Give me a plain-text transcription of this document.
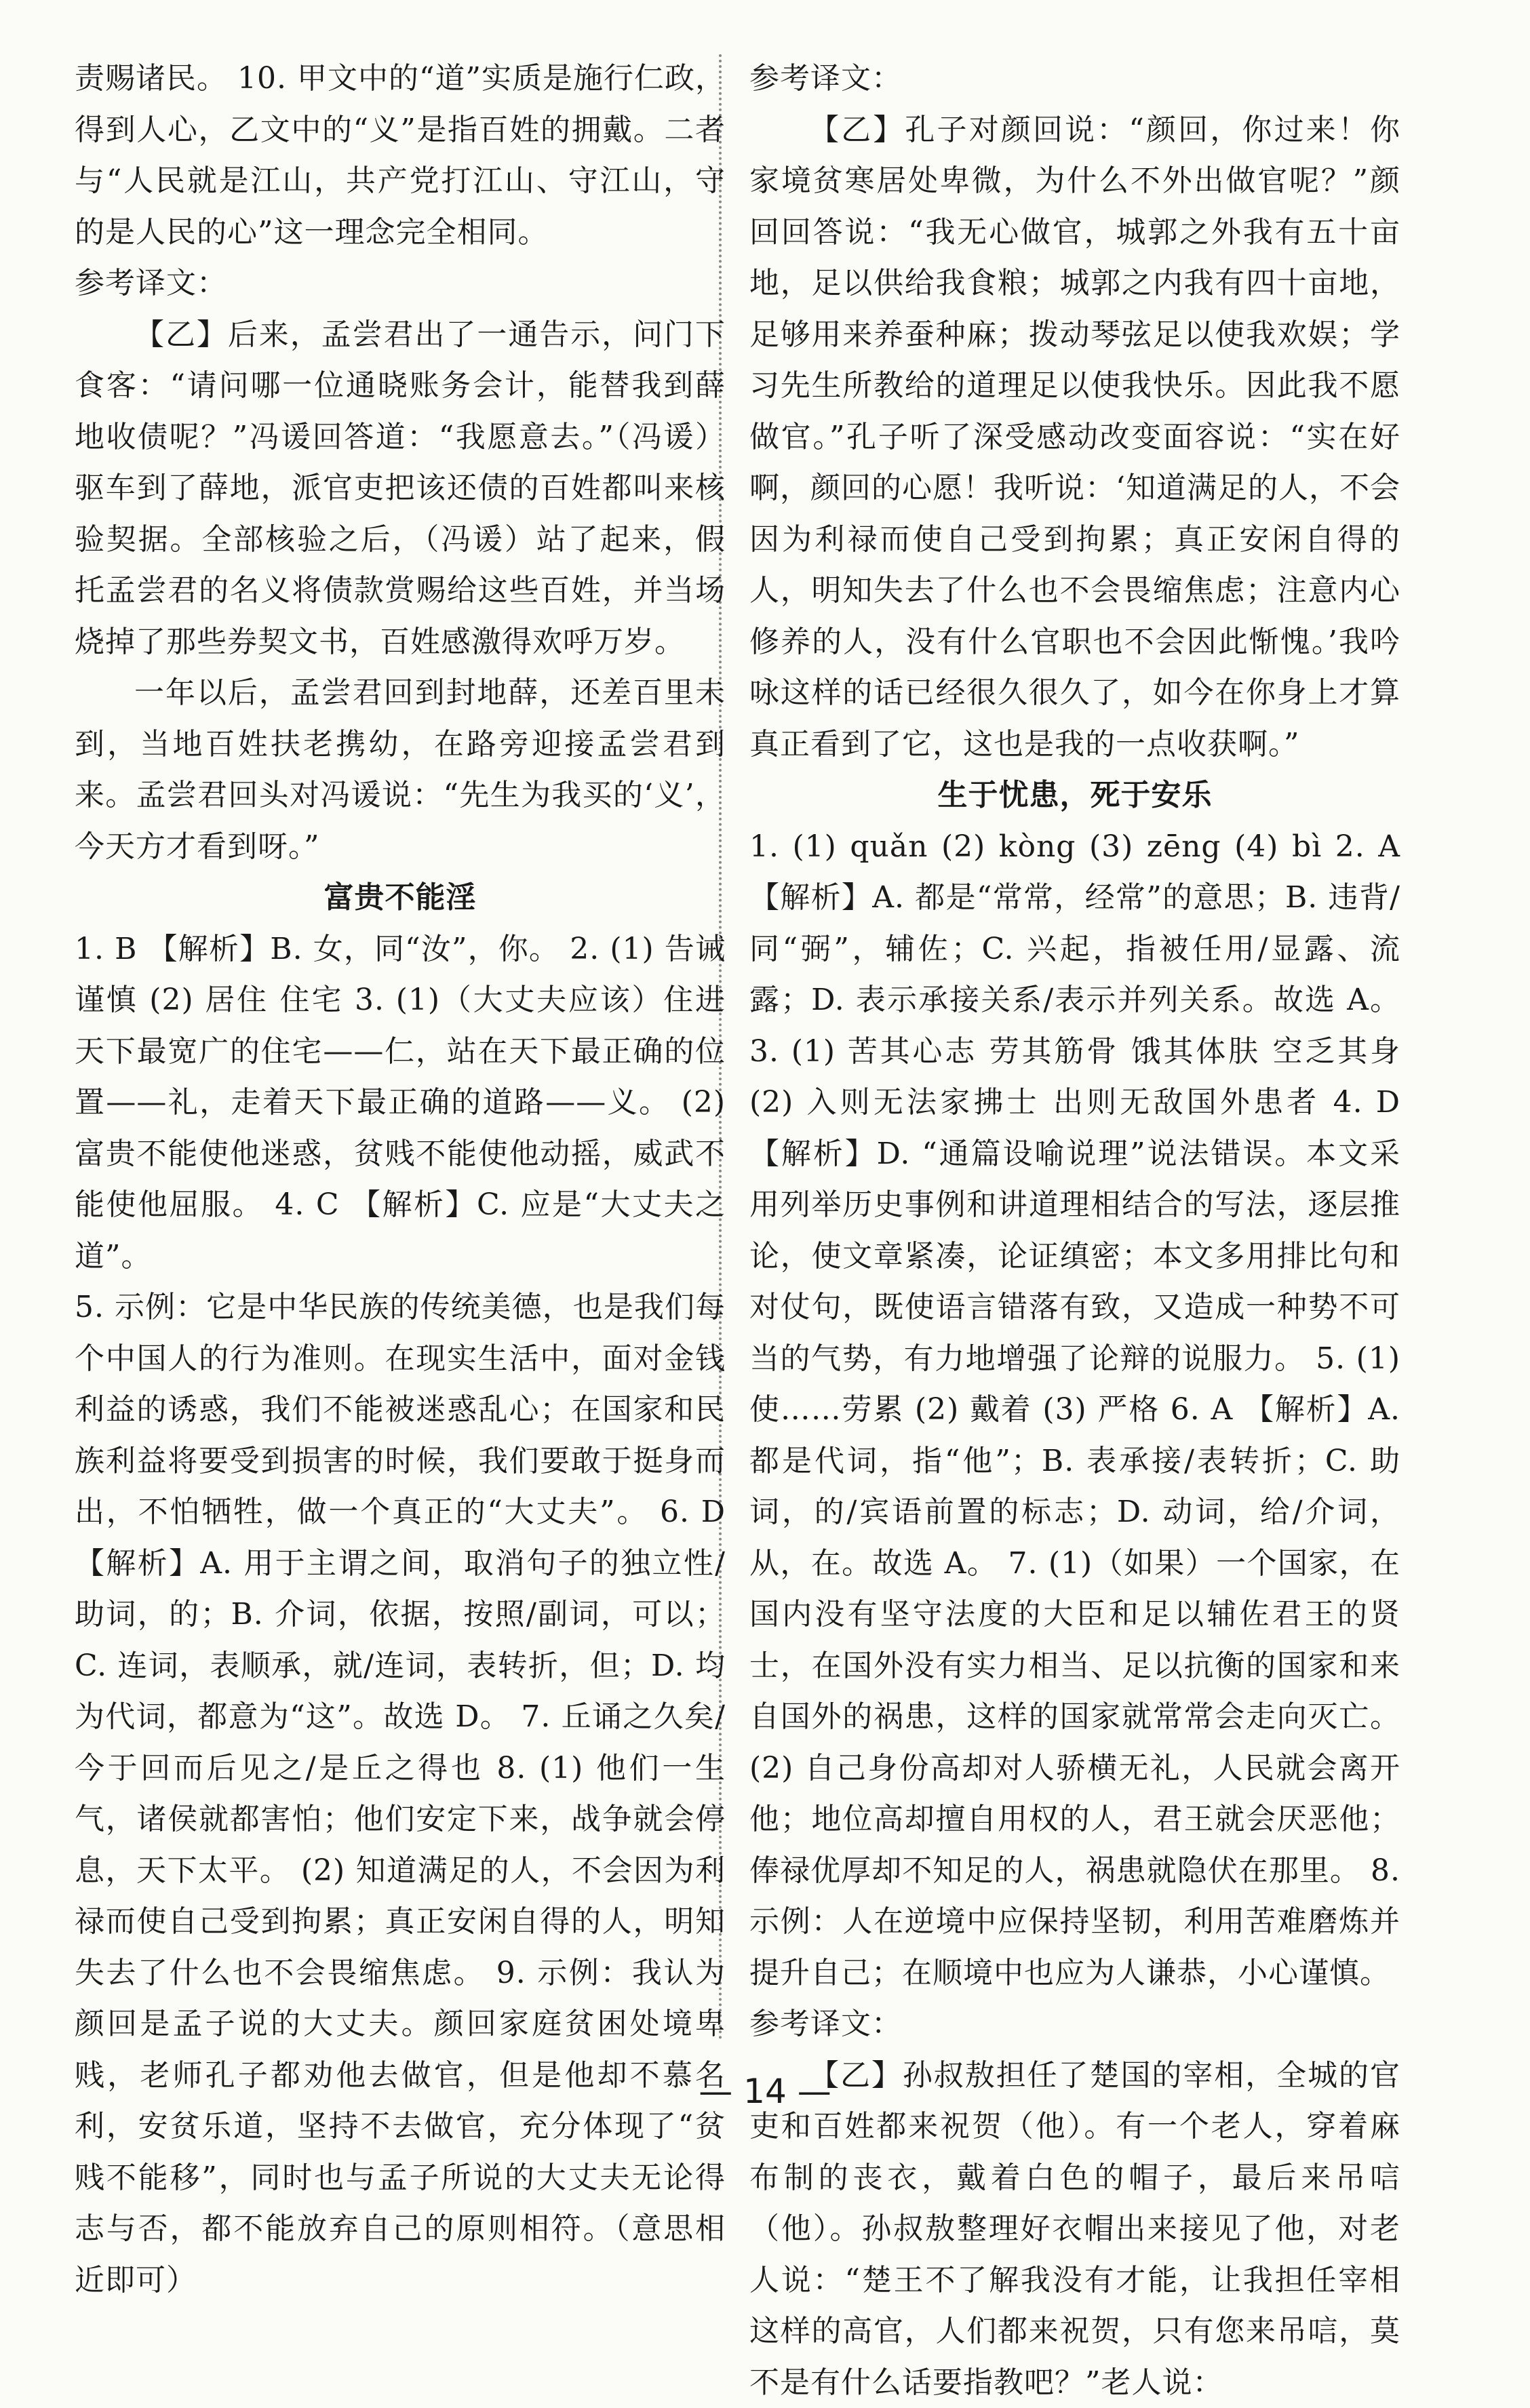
责赐诸民。 10. 甲文中的“道”实质是施行仁政，得到人心，乙文中的“义”是指百姓的拥戴。二者与“人民就是江山，共产党打江山、守江山，守的是人民的心”这一理念完全相同。

参考译文：

【乙】后来，孟尝君出了一通告示，问门下食客：“请问哪一位通晓账务会计，能替我到薛地收债呢？”冯谖回答道：“我愿意去。”（冯谖）驱车到了薛地，派官吏把该还债的百姓都叫来核验契据。全部核验之后，（冯谖）站了起来，假托孟尝君的名义将债款赏赐给这些百姓，并当场烧掉了那些券契文书，百姓感激得欢呼万岁。

一年以后，孟尝君回到封地薛，还差百里未到，当地百姓扶老携幼，在路旁迎接孟尝君到来。孟尝君回头对冯谖说：“先生为我买的‘义’，今天方才看到呀。”

富贵不能淫

1. B 【解析】B. 女，同“汝”，你。 2. (1) 告诫 谨慎 (2) 居住 住宅 3. (1)（大丈夫应该）住进天下最宽广的住宅——仁，站在天下最正确的位置——礼，走着天下最正确的道路——义。 (2) 富贵不能使他迷惑，贫贱不能使他动摇，威武不能使他屈服。 4. C 【解析】C. 应是“大丈夫之道”。

5. 示例：它是中华民族的传统美德，也是我们每个中国人的行为准则。在现实生活中，面对金钱利益的诱惑，我们不能被迷惑乱心；在国家和民族利益将要受到损害的时候，我们要敢于挺身而出，不怕牺牲，做一个真正的“大丈夫”。 6. D 【解析】A. 用于主谓之间，取消句子的独立性/助词，的；B. 介词，依据，按照/副词，可以；C. 连词，表顺承，就/连词，表转折，但；D. 均为代词，都意为“这”。故选 D。 7. 丘诵之久矣/今于回而后见之/是丘之得也 8. (1) 他们一生气，诸侯就都害怕；他们安定下来，战争就会停息，天下太平。 (2) 知道满足的人，不会因为利禄而使自己受到拘累；真正安闲自得的人，明知失去了什么也不会畏缩焦虑。 9. 示例：我认为颜回是孟子说的大丈夫。颜回家庭贫困处境卑贱，老师孔子都劝他去做官，但是他却不慕名利，安贫乐道，坚持不去做官，充分体现了“贫贱不能移”，同时也与孟子所说的大丈夫无论得志与否，都不能放弃自己的原则相符。（意思相近即可）

参考译文：

【乙】孔子对颜回说：“颜回，你过来！你家境贫寒居处卑微，为什么不外出做官呢？”颜回回答说：“我无心做官，城郭之外我有五十亩地，足以供给我食粮；城郭之内我有四十亩地，足够用来养蚕种麻；拨动琴弦足以使我欢娱；学习先生所教给的道理足以使我快乐。因此我不愿做官。”孔子听了深受感动改变面容说：“实在好啊，颜回的心愿！我听说：‘知道满足的人，不会因为利禄而使自己受到拘累；真正安闲自得的人，明知失去了什么也不会畏缩焦虑；注意内心修养的人，没有什么官职也不会因此惭愧。’我吟咏这样的话已经很久很久了，如今在你身上才算真正看到了它，这也是我的一点收获啊。”

生于忧患，死于安乐

1. (1) quǎn (2) kòng (3) zēng (4) bì 2. A 【解析】A. 都是“常常，经常”的意思；B. 违背/同“弼”，辅佐；C. 兴起，指被任用/显露、流露；D. 表示承接关系/表示并列关系。故选 A。 3. (1) 苦其心志 劳其筋骨 饿其体肤 空乏其身 (2) 入则无法家拂士 出则无敌国外患者 4. D 【解析】D. “通篇设喻说理”说法错误。本文采用列举历史事例和讲道理相结合的写法，逐层推论，使文章紧凑，论证缜密；本文多用排比句和对仗句，既使语言错落有致，又造成一种势不可当的气势，有力地增强了论辩的说服力。 5. (1) 使……劳累 (2) 戴着 (3) 严格 6. A 【解析】A. 都是代词，指“他”；B. 表承接/表转折；C. 助词，的/宾语前置的标志；D. 动词，给/介词，从，在。故选 A。 7. (1)（如果）一个国家，在国内没有坚守法度的大臣和足以辅佐君王的贤士，在国外没有实力相当、足以抗衡的国家和来自国外的祸患，这样的国家就常常会走向灭亡。 (2) 自己身份高却对人骄横无礼，人民就会离开他；地位高却擅自用权的人，君王就会厌恶他；俸禄优厚却不知足的人，祸患就隐伏在那里。 8. 示例：人在逆境中应保持坚韧，利用苦难磨炼并提升自己；在顺境中也应为人谦恭，小心谨慎。

参考译文：

【乙】孙叔敖担任了楚国的宰相，全城的官吏和百姓都来祝贺（他）。有一个老人，穿着麻布制的丧衣，戴着白色的帽子，最后来吊唁（他）。孙叔敖整理好衣帽出来接见了他，对老人说：“楚王不了解我没有才能，让我担任宰相这样的高官，人们都来祝贺，只有您来吊唁，莫不是有什么话要指教吧？”老人说：

— 14 —
